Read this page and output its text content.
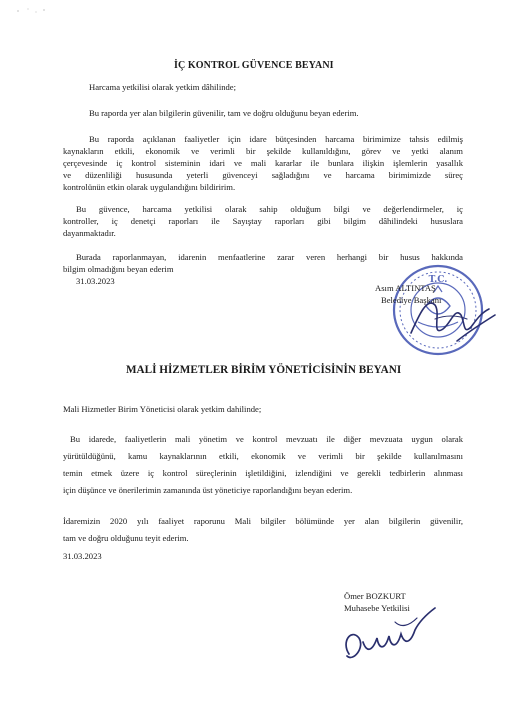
İÇ KONTROL GÜVENCE BEYANI
Harcama yetkilisi olarak yetkim dâhilinde;
Bu raporda yer alan bilgilerin güvenilir, tam ve doğru olduğunu beyan ederim.
Bu raporda açıklanan faaliyetler için idare bütçesinden harcama birimimize tahsis edilmiş
kaynakların etkili, ekonomik ve verimli bir şekilde kullanıldığını, görev ve yetki alanım
çerçevesinde iç kontrol sisteminin idari ve mali kararlar ile bunlara ilişkin işlemlerin yasallık
ve düzenliliği hususunda yeterli güvenceyi sağladığını ve harcama birimimizde süreç
kontrolünün etkin olarak uygulandığını bildiririm.
Bu güvence, harcama yetkilisi olarak sahip olduğum bilgi ve değerlendirmeler, iç
kontroller, iç denetçi raporları ile Sayıştay raporları gibi bilgim dâhilindeki hususlara
dayanmaktadır.
Burada raporlanmayan, idarenin menfaatlerine zarar veren herhangi bir husus hakkında
bilgim olmadığını beyan ederim
31.03.2023	T.C.
Asım ALTINTAŞ
Belediye Başkanı
MALİ HİZMETLER BİRİM YÖNETİCİSİNİN BEYANI
Mali Hizmetler Birim Yöneticisi olarak yetkim dahilinde;
Bu idarede, faaliyetlerin mali yönetim ve kontrol mevzuatı ile diğer mevzuata uygun olarak
yürütüldüğünü, kamu kaynaklarının etkili, ekonomik ve verimli bir şekilde kullanılmasını
temin etmek üzere iç kontrol süreçlerinin işletildiğini, izlendiğini ve gerekli tedbirlerin alınması
için düşünce ve önerilerimin zamanında üst yöneticiye raporlandığını beyan ederim.
İdaremizin 2020 yılı faaliyet raporunu Mali bilgiler bölümünde yer alan bilgilerin güvenilir,
tam ve doğru olduğunu teyit ederim.
31.03.2023
Ömer BOZKURT
Muhasebe Yetkilisi
